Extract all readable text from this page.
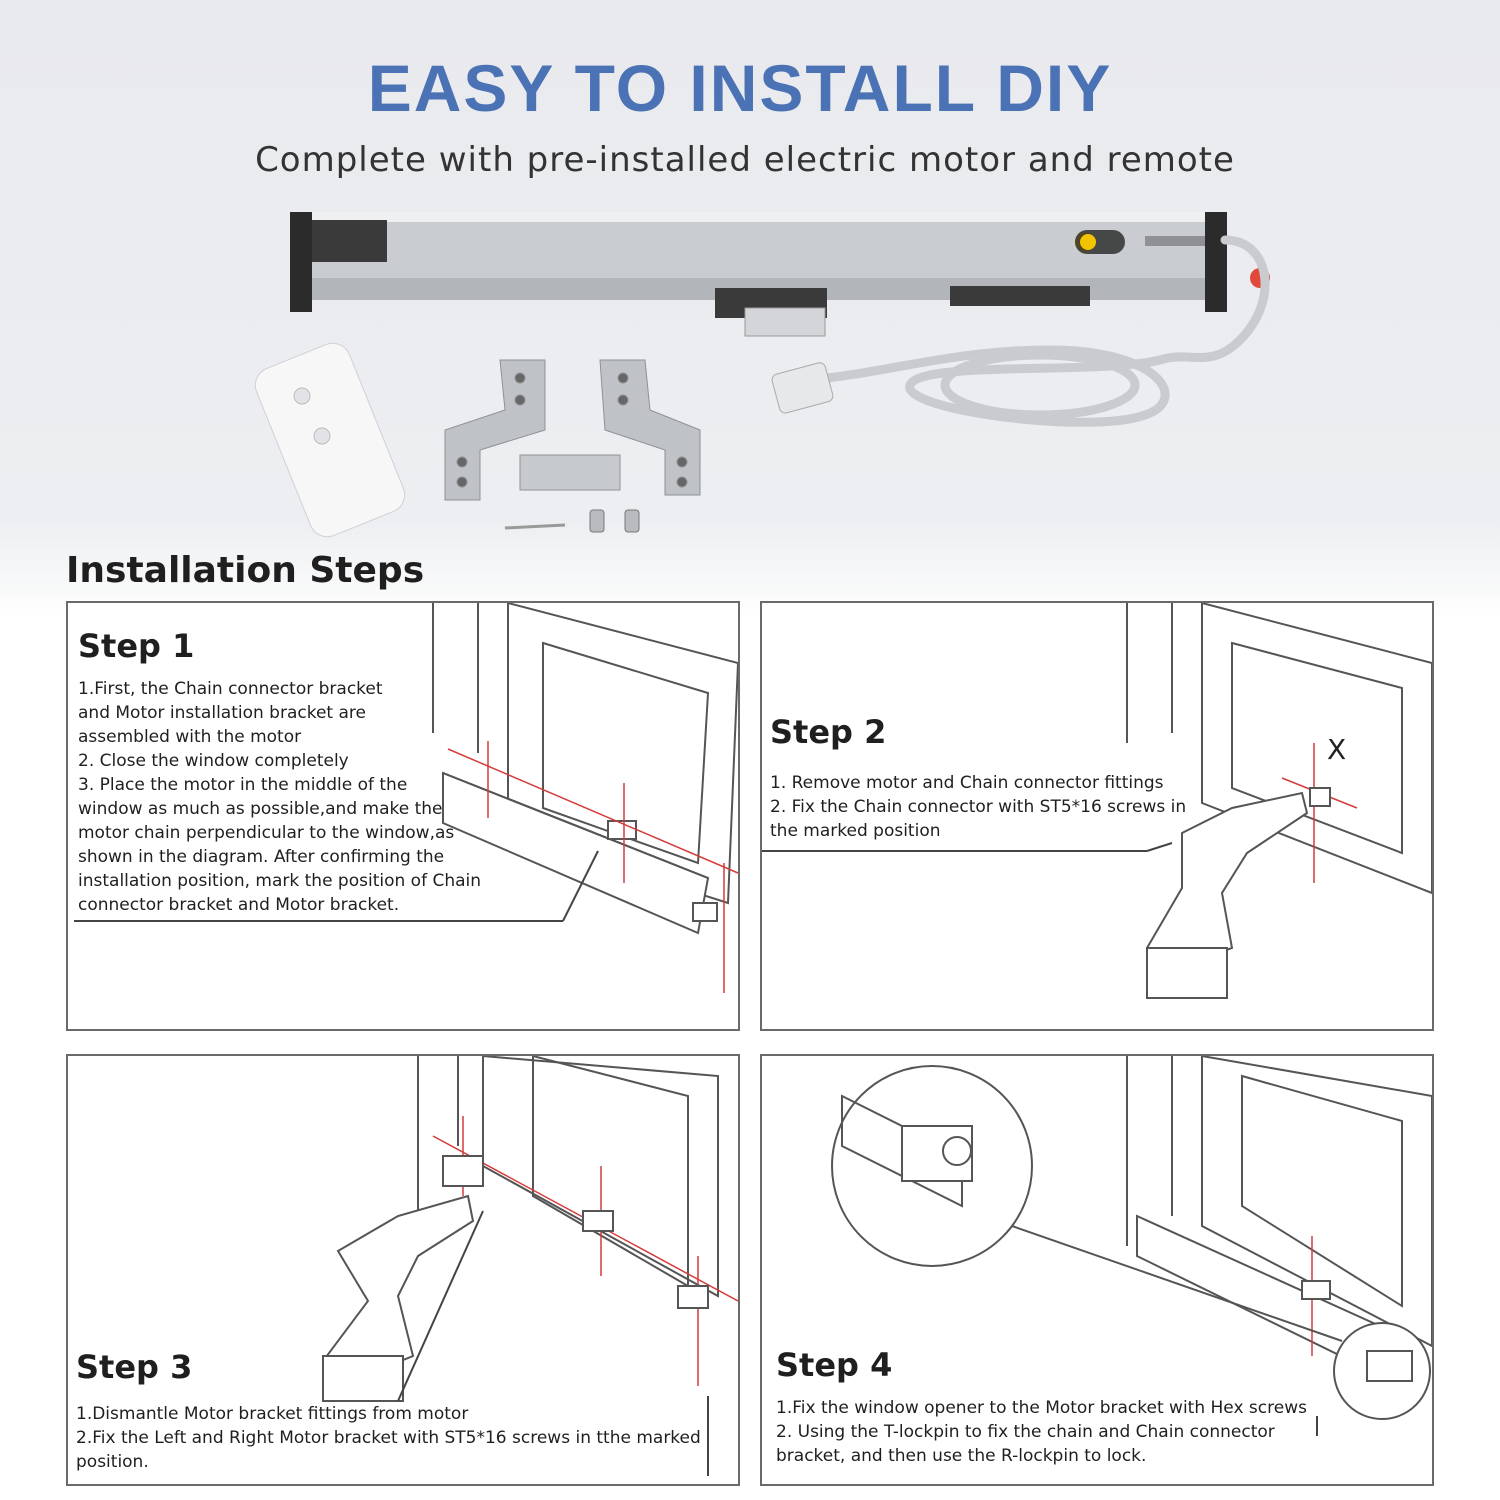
EASY TO INSTALL DIY

Complete with pre-installed electric motor and remote

Installation Steps
Step 1
1.First, the Chain connector bracket
and Motor installation bracket are
assembled with the motor
2. Close the window completely
3. Place the motor in the middle of the
window as much as possible,and make the
motor chain perpendicular to the window,as
shown in the diagram. After confirming the
installation position, mark the position of Chain
connector bracket and Motor bracket.
X
Step 2
1. Remove motor and Chain connector fittings
2. Fix the Chain connector with ST5*16 screws in
the marked position
Step 3
1.Dismantle Motor bracket fittings from motor
2.Fix the Left and Right Motor bracket with ST5*16 screws in tthe marked
position.
Step 4
1.Fix the window opener to the Motor bracket with Hex screws
2. Using the T-lockpin to fix the chain and Chain connector
bracket, and then use the R-lockpin to lock.
